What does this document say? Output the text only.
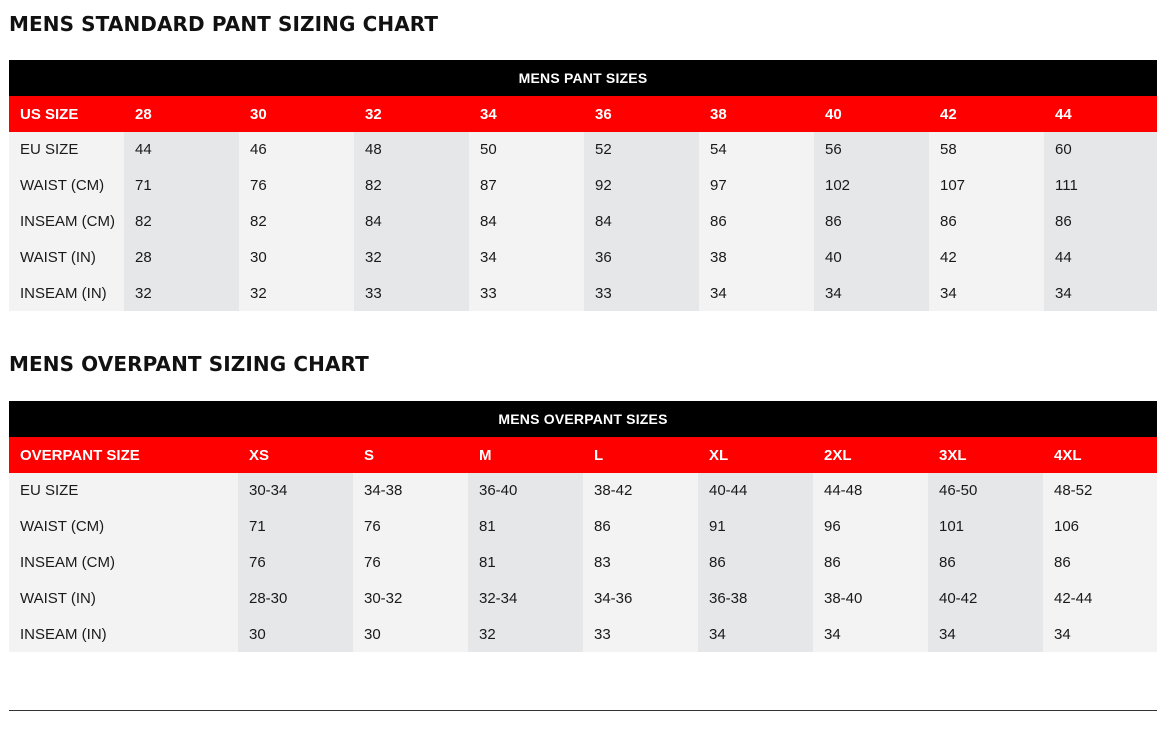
MENS STANDARD PANT SIZING CHART
MENS PANT SIZES									
US SIZE	28	30	32	34	36	38	40	42	44
EU SIZE	44	46	48	50	52	54	56	58	60
WAIST (CM)	71	76	82	87	92	97	102	107	111
INSEAM (CM)	82	82	84	84	84	86	86	86	86
WAIST (IN)	28	30	32	34	36	38	40	42	44
INSEAM (IN)	32	32	33	33	33	34	34	34	34
MENS OVERPANT SIZING CHART
MENS OVERPANT SIZES								
OVERPANT SIZE	XS	S	M	L	XL	2XL	3XL	4XL
EU SIZE	30-34	34-38	36-40	38-42	40-44	44-48	46-50	48-52
WAIST (CM)	71	76	81	86	91	96	101	106
INSEAM (CM)	76	76	81	83	86	86	86	86
WAIST (IN)	28-30	30-32	32-34	34-36	36-38	38-40	40-42	42-44
INSEAM (IN)	30	30	32	33	34	34	34	34
